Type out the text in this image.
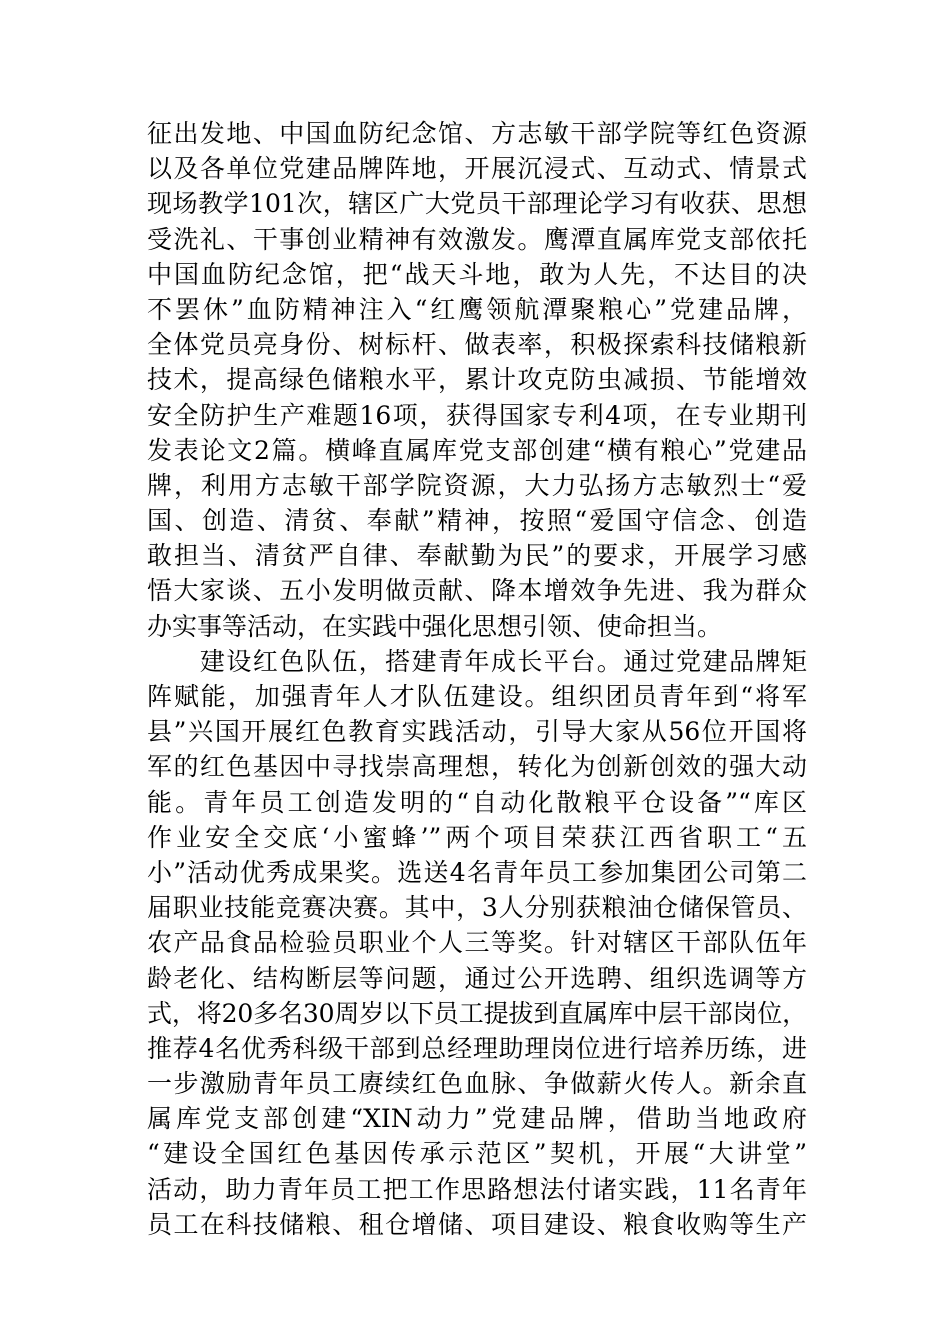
征出发地、中国血防纪念馆、方志敏干部学院等红色资源
以及各单位党建品牌阵地，开展沉浸式、互动式、情景式
现场教学101次，辖区广大党员干部理论学习有收获、思想
受洗礼、干事创业精神有效激发。鹰潭直属库党支部依托
中国血防纪念馆，把“战天斗地，敢为人先，不达目的决
不罢休”血防精神注入“红鹰领航潭聚粮心”党建品牌，
全体党员亮身份、树标杆、做表率，积极探索科技储粮新
技术，提高绿色储粮水平，累计攻克防虫减损、节能增效
安全防护生产难题16项，获得国家专利4项，在专业期刊
发表论文2篇。横峰直属库党支部创建“横有粮心”党建品
牌，利用方志敏干部学院资源，大力弘扬方志敏烈士“爱
国、创造、清贫、奉献”精神，按照“爱国守信念、创造
敢担当、清贫严自律、奉献勤为民”的要求，开展学习感
悟大家谈、五小发明做贡献、降本增效争先进、我为群众
办实事等活动，在实践中强化思想引领、使命担当。
　　建设红色队伍，搭建青年成长平台。通过党建品牌矩
阵赋能，加强青年人才队伍建设。组织团员青年到“将军
县”兴国开展红色教育实践活动，引导大家从56位开国将
军的红色基因中寻找崇高理想，转化为创新创效的强大动
能。青年员工创造发明的“自动化散粮平仓设备”“库区
作业安全交底‘小蜜蜂’”两个项目荣获江西省职工“五
小”活动优秀成果奖。选送4名青年员工参加集团公司第二
届职业技能竞赛决赛。其中，3人分别获粮油仓储保管员、
农产品食品检验员职业个人三等奖。针对辖区干部队伍年
龄老化、结构断层等问题，通过公开选聘、组织选调等方
式，将20多名30周岁以下员工提拔到直属库中层干部岗位，
推荐4名优秀科级干部到总经理助理岗位进行培养历练，进
一步激励青年员工赓续红色血脉、争做薪火传人。新余直
属库党支部创建“XIN动力”党建品牌，借助当地政府
“建设全国红色基因传承示范区”契机，开展“大讲堂”
活动，助力青年员工把工作思路想法付诸实践，11名青年
员工在科技储粮、租仓增储、项目建设、粮食收购等生产
